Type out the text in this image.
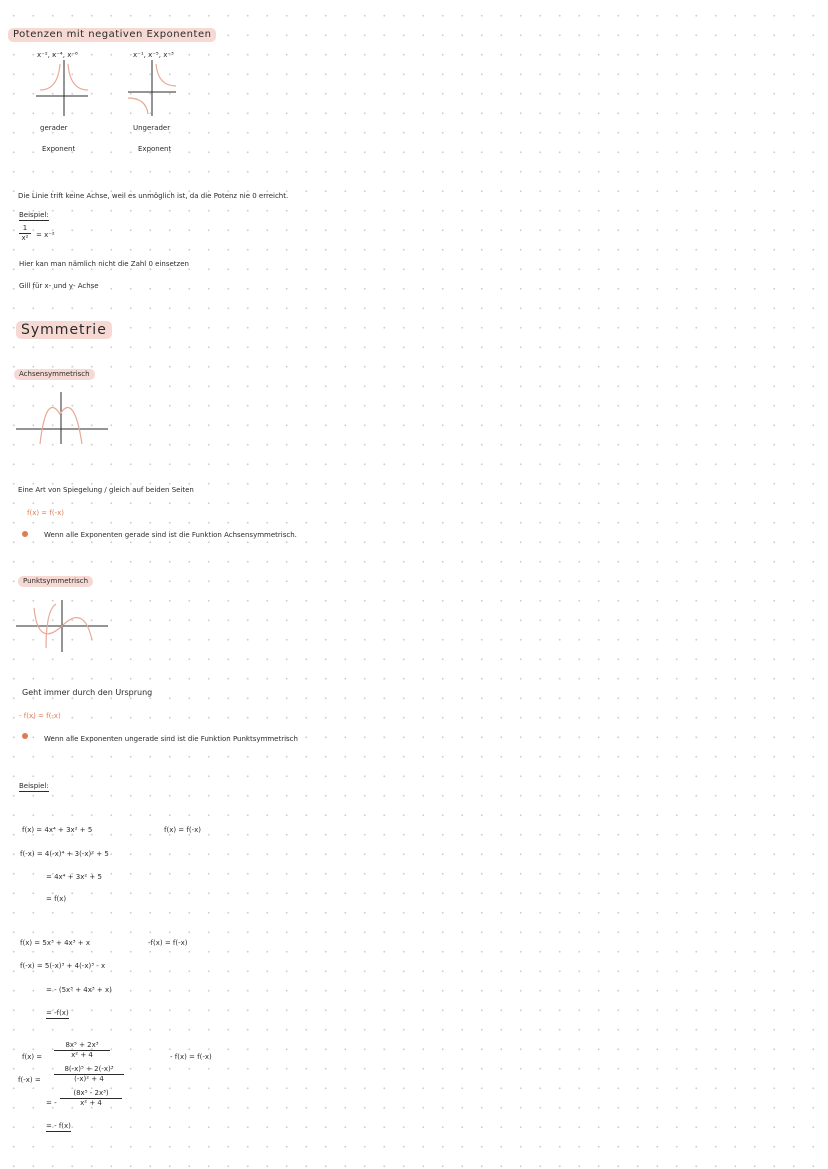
Potenzen mit negativen Exponenten
x⁻², x⁻⁴, x⁻⁶	x⁻¹, x⁻⁵, x⁻³
gerader
Exponent
Ungerader
Exponent
Die Linie trift keine Achse, weil es unmöglich ist, da die Potenz nie 0 erreicht.
Beispiel:
$\frac{1}{\text{x²}} = x^{-2}$
Hier kan man nämlich nicht die Zahl 0 einsetzen
Gill für x- und y- Achse
Symmetrie
Achsensymmetrisch
Eine Art von Spiegelung / gleich auf beiden Seiten
f(x) = f(-x)
Wenn alle Exponenten gerade sind ist die Funktion Achsensymmetrisch.
Punktsymmetrisch
Geht immer durch den Ursprung
- f(x) = f(-x)
Wenn alle Exponenten ungerade sind ist die Funktion Punktsymmetrisch
Beispiel:
f(x) = 4x⁴ + 3x² + 5	f(x) = f(-x)
f(-x) = 4(-x)⁴ + 3(-x)² + 5
= 4x⁴ + 3x² + 5
= f(x)
f(x) = 5x³ + 4x³ + x	-f(x) = f(-x)
f(-x) = 5(-x)³ + 4(-x)³ - x
= - (5x³ + 4x³ + x)
= -f(x)
$f(x) = \frac{\text{8x⁵ + 2x³}}{\text{x² + 4}}$	- f(x) = f(-x)
$f(-x) = \frac{\text{8(-x)⁵ + 2(-x)³}}{\text{(-x)² + 4}}$
= - $\frac{\text{(8x⁵ - 2x³)}}{\text{x² + 4}}$
= - f(x)
